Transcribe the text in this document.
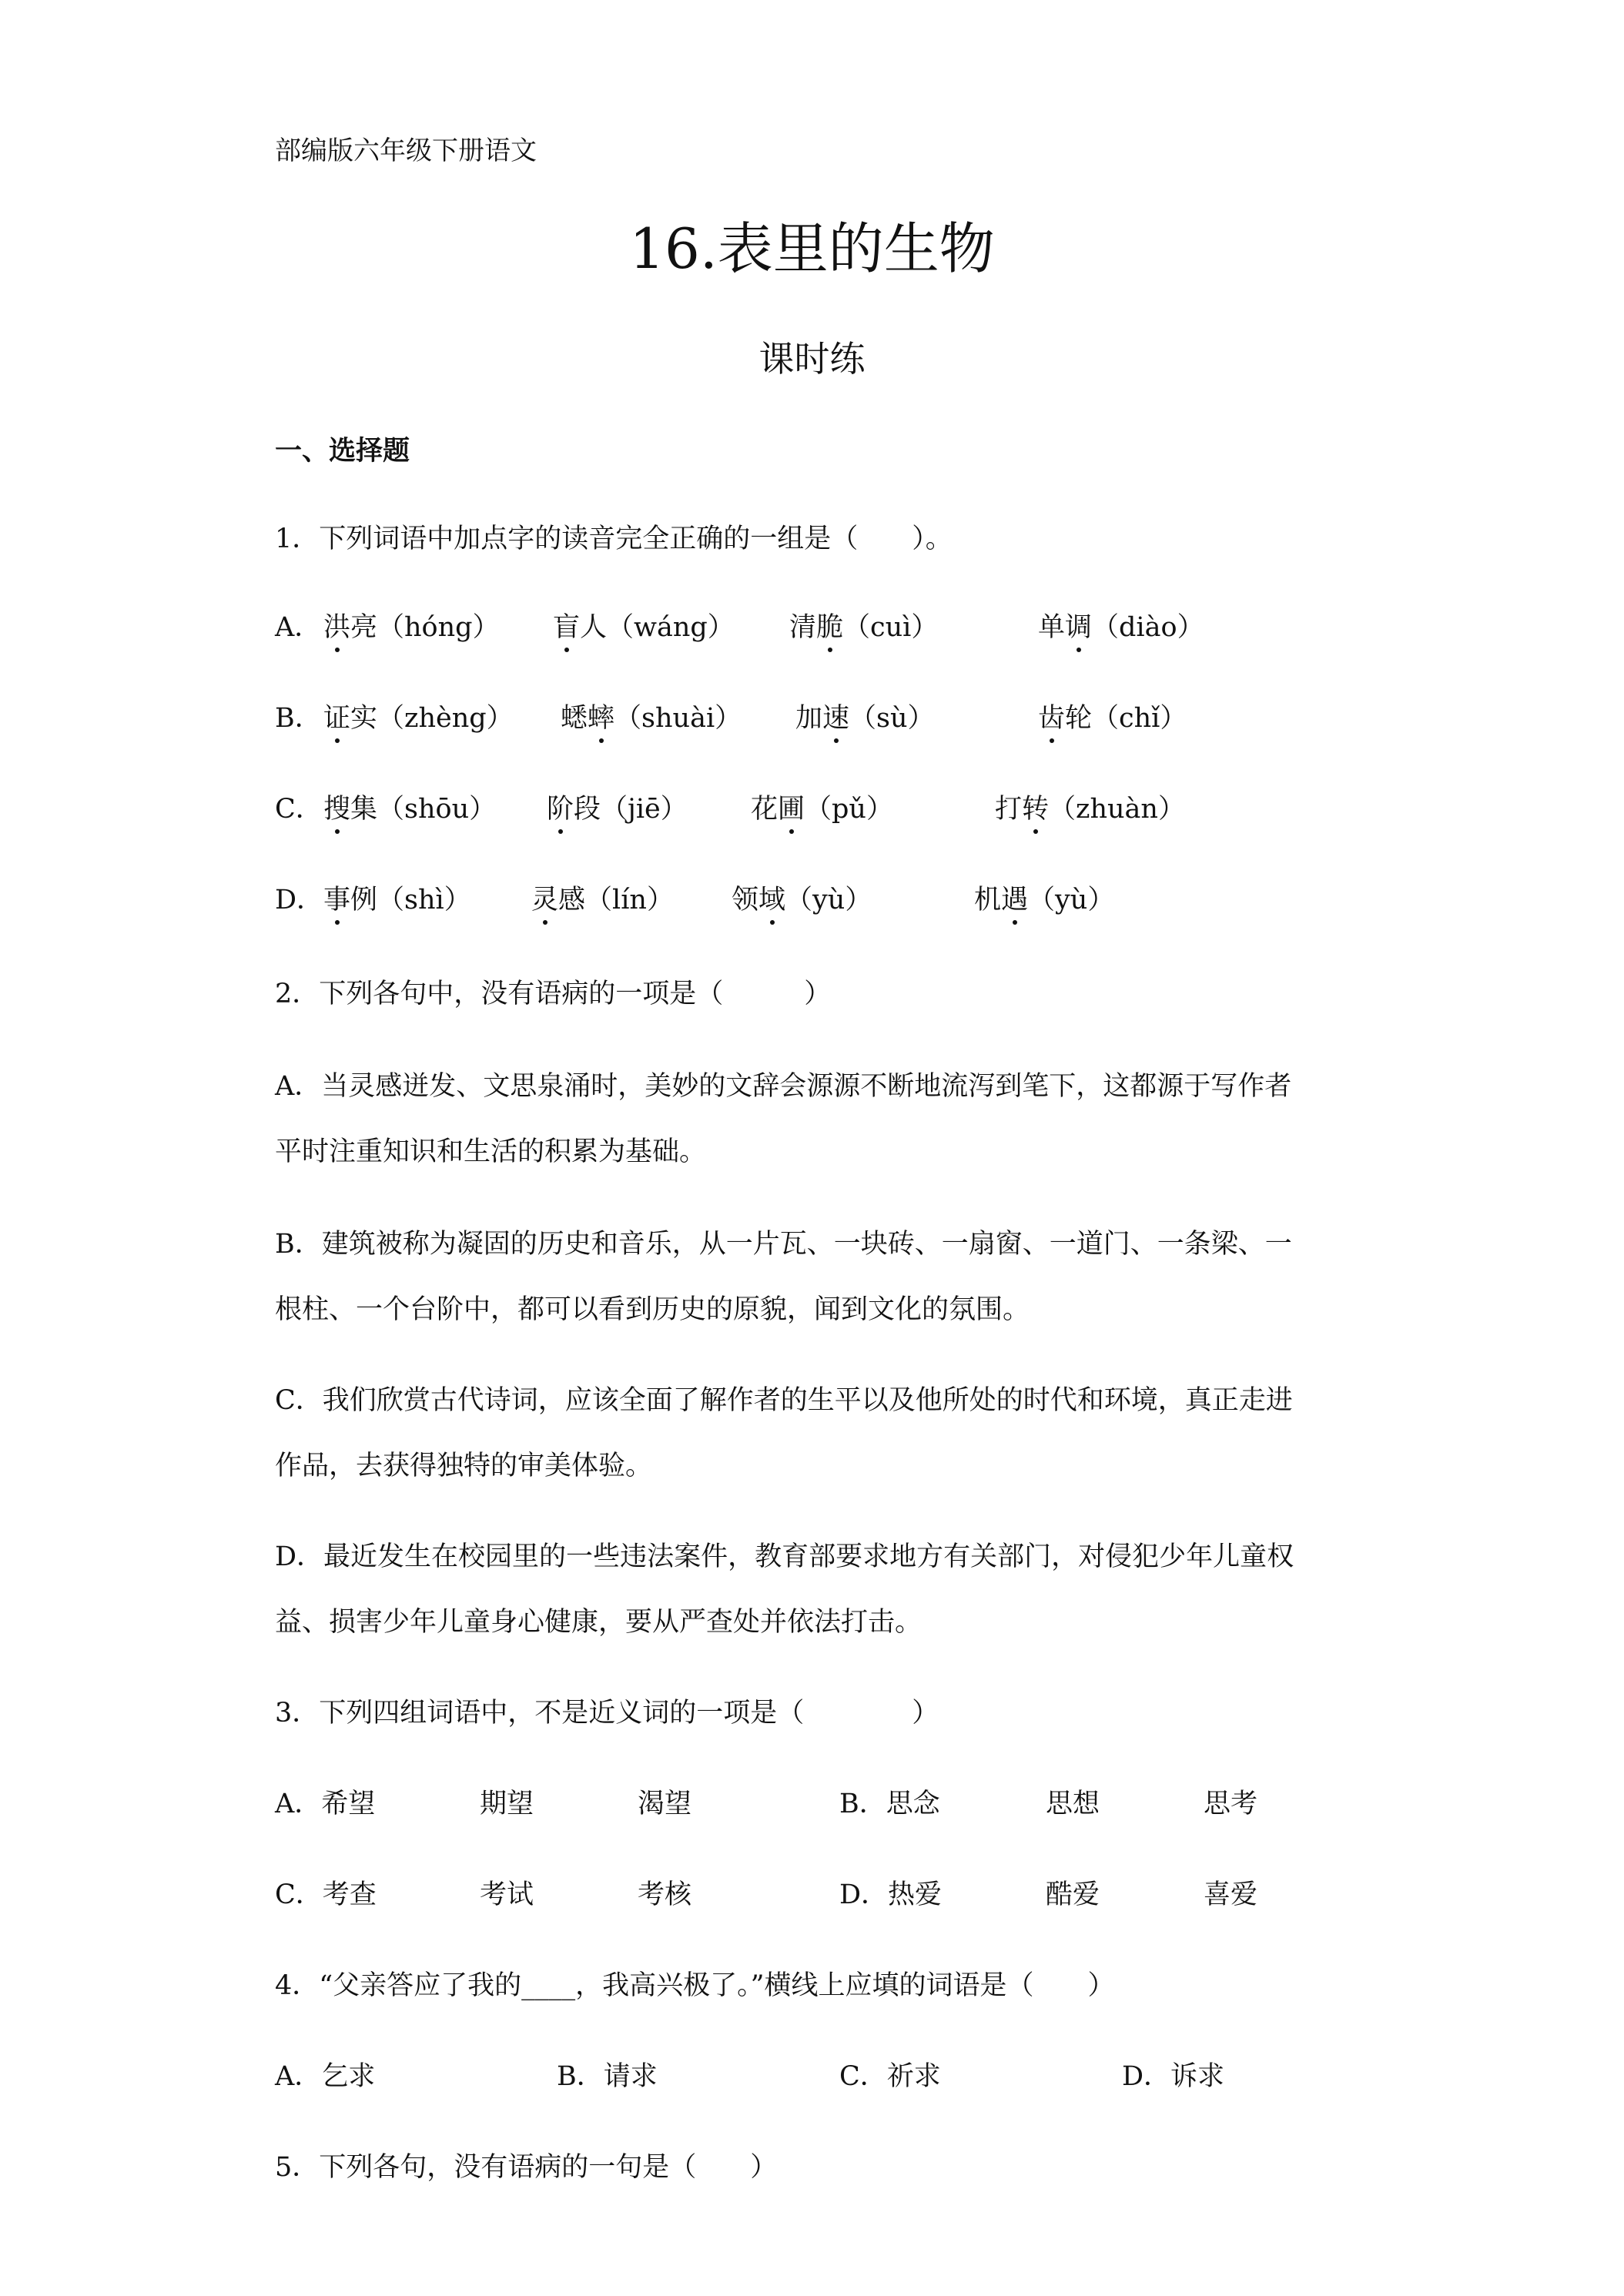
部编版六年级下册语文
16.表里的生物
课时练
一、选择题
1．下列词语中加点字的读音完全正确的一组是（　　）。
A． 洪亮（hóng） 盲人（wáng） 清脆（cuì）	单调（diào）
B． 证实（zhèng） 蟋蟀（shuài） 加速（sù）	齿轮（chǐ）
C． 搜集（shōu） 阶段（jiē） 花圃（pǔ）	打转（zhuàn）
D． 事例（shì） 灵感（lín） 领域（yù）	机遇（yù）
2．下列各句中，没有语病的一项是（　　　）
A．当灵感迸发、文思泉涌时，美妙的文辞会源源不断地流泻到笔下，这都源于写作者
平时注重知识和生活的积累为基础。
B．建筑被称为凝固的历史和音乐，从一片瓦、一块砖、一扇窗、一道门、一条梁、一
根柱、一个台阶中，都可以看到历史的原貌，闻到文化的氛围。
C．我们欣赏古代诗词，应该全面了解作者的生平以及他所处的时代和环境，真正走进
作品，去获得独特的审美体验。
D．最近发生在校园里的一些违法案件，教育部要求地方有关部门，对侵犯少年儿童权
益、损害少年儿童身心健康，要从严查处并依法打击。
3．下列四组词语中，不是近义词的一项是（　　　　）
A．希望	期望	渴望	B．思念	思想	思考
C．考查	考试	考核	D．热爱	酷爱	喜爱
4．“父亲答应了我的____，我高兴极了。”横线上应填的词语是（　　）
A．乞求	B．请求	C．祈求	D．诉求
5．下列各句，没有语病的一句是（　　）
